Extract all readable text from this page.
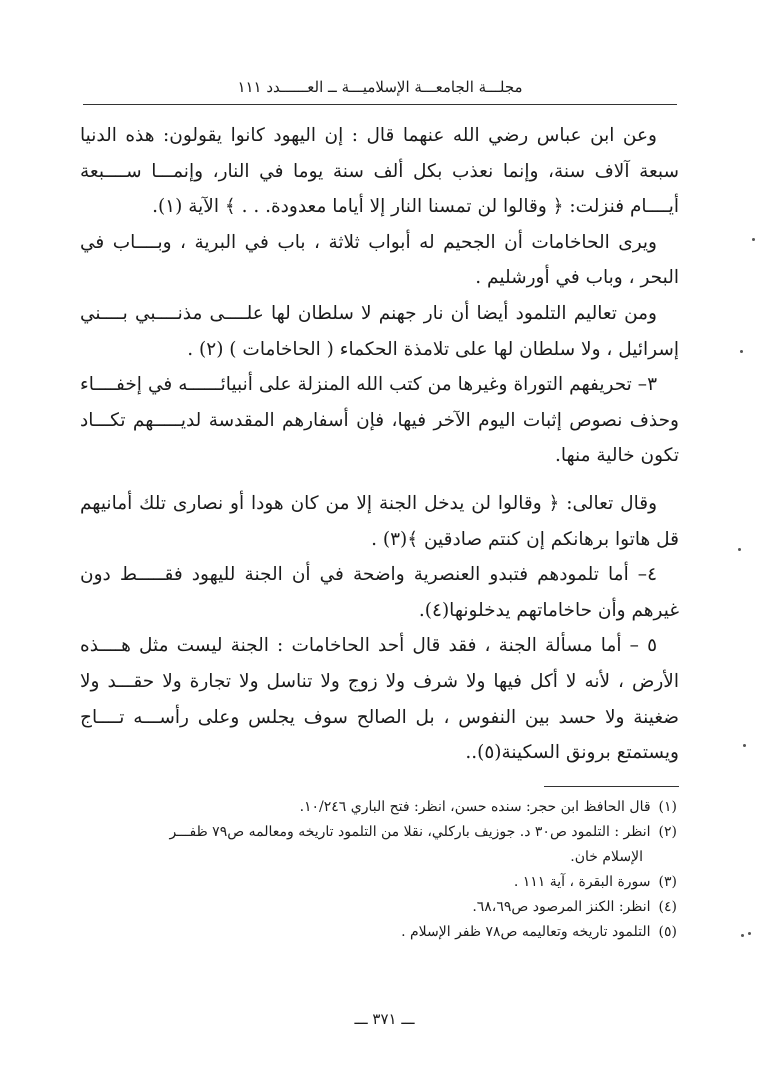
مجلـــة الجامعـــة الإسلاميـــة ــ العــــــدد ١١١

وعن ابن عباس رضي الله عنهما قال : إن اليهود كانوا يقولون: هذه الدنيا سبعة آلاف سنة، وإنما نعذب بكل ألف سنة يوما في النار، وإنمـــا ســــبعة أيــــام فنزلت: ﴿ وقالوا لن تمسنا النار إلا أياما معدودة. . . ﴾ الآية (١).

ويرى الحاخامات أن الجحيم له أبواب ثلاثة ، باب في البرية ، وبــــاب في البحر ، وباب في أورشليم .

ومن تعاليم التلمود أيضا أن نار جهنم لا سلطان لها علــــى مذنــــبي بــــني إسرائيل ، ولا سلطان لها على تلامذة الحكماء ( الحاخامات ) (٢) .

٣– تحريفهم التوراة وغيرها من كتب الله المنزلة على أنبيائــــــه في إخفــــاء وحذف نصوص إثبات اليوم الآخر فيها، فإن أسفارهم المقدسة لديـــــهم تكـــاد تكون خالية منها.

وقال تعالى: ﴿ وقالوا لن يدخل الجنة إلا من كان هودا أو نصارى تلك أمانيهم قل هاتوا برهانكم إن كنتم صادقين ﴾(٣) .

٤– أما تلمودهم فتبدو العنصرية واضحة في أن الجنة لليهود فقـــــط دون غيرهم وأن حاخاماتهم يدخلونها(٤).

٥ – أما مسألة الجنة ، فقد قال أحد الحاخامات : الجنة ليست مثل هــــذه الأرض ، لأنه لا أكل فيها ولا شرف ولا زوج ولا تناسل ولا تجارة ولا حقـــد ولا ضغينة ولا حسد بين النفوس ، بل الصالح سوف يجلس وعلى رأســـه تــــاج ويستمتع برونق السكينة(٥)..

(١)قال الحافظ ابن حجر: سنده حسن، انظر: فتح الباري ١٠/٢٤٦.

(٢)انظر : التلمود ص٣٠ د. جوزيف باركلي، نقلا من التلمود تاريخه ومعالمه ص٧٩ ظفـــر

الإسلام خان.

(٣)سورة البقرة ، آية ١١١ .

(٤)انظر: الكنز المرصود ص٦٨،٦٩.

(٥)التلمود تاريخه وتعاليمه ص٧٨ ظفر الإسلام .

ـــ ٣٧١ ـــ
